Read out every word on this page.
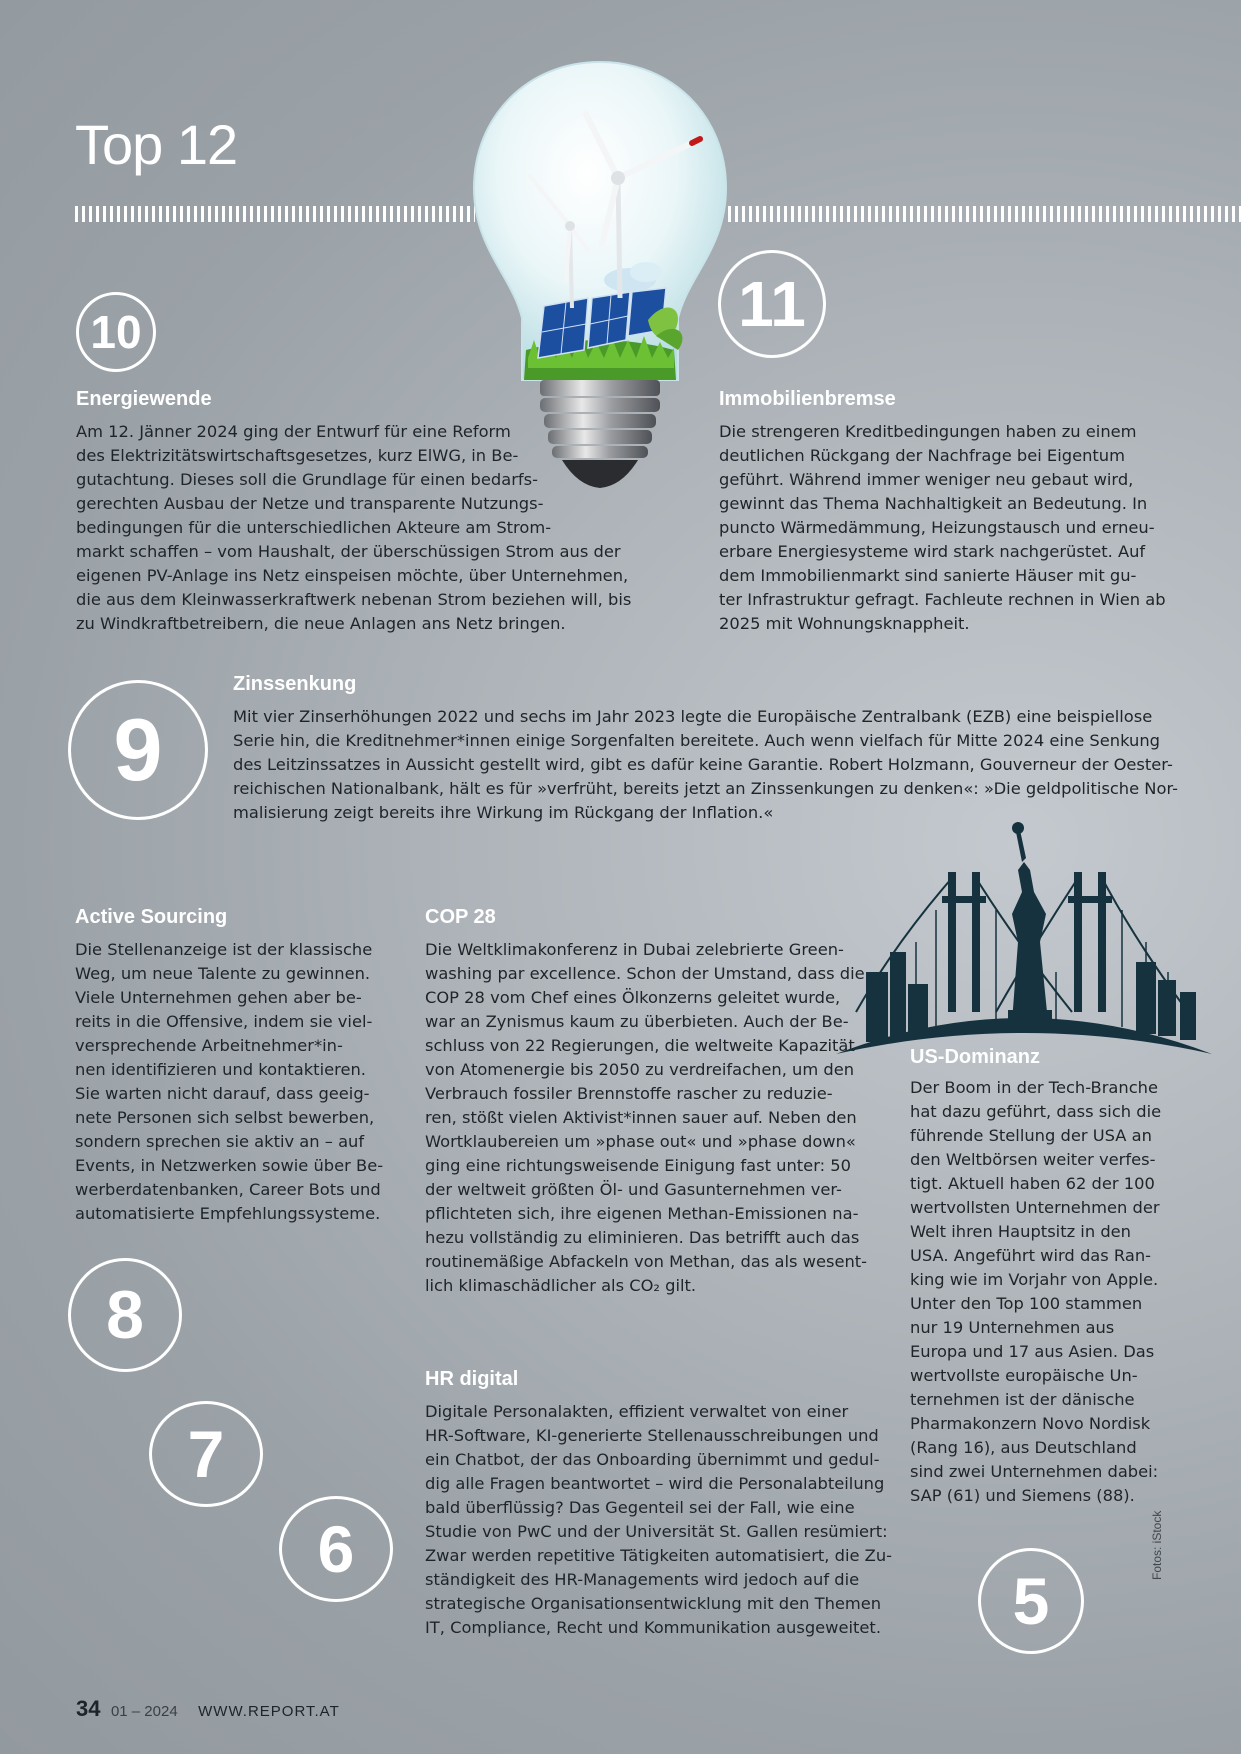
Top 12
10
Energiewende
Am 12. Jänner 2024 ging der Entwurf für eine Reform
des Elektrizitätswirtschaftsgesetzes, kurz ElWG, in Be-
gutachtung. Dieses soll die Grundlage für einen bedarfs-
gerechten Ausbau der Netze und transparente Nutzungs-
bedingungen für die unterschiedlichen Akteure am Strom-
markt schaffen – vom Haushalt, der überschüssigen Strom aus der
eigenen PV-Anlage ins Netz einspeisen möchte, über Unternehmen,
die aus dem Kleinwasserkraftwerk nebenan Strom beziehen will, bis
zu Windkraftbetreibern, die neue Anlagen ans Netz bringen.
11
Immobilienbremse
Die strengeren Kreditbedingungen haben zu einem
deutlichen Rückgang der Nachfrage bei Eigentum
geführt. Während immer weniger neu gebaut wird,
gewinnt das Thema Nachhaltigkeit an Bedeutung. In
puncto Wärmedämmung, Heizungstausch und erneu-
erbare Energiesysteme wird stark nachgerüstet. Auf
dem Immobilienmarkt sind sanierte Häuser mit gu-
ter Infrastruktur gefragt. Fachleute rechnen in Wien ab
2025 mit Wohnungsknappheit.
9
Zinssenkung
Mit vier Zinserhöhungen 2022 und sechs im Jahr 2023 legte die Europäische Zentralbank (EZB) eine beispiellose
Serie hin, die Kreditnehmer*innen einige Sorgenfalten bereitete. Auch wenn vielfach für Mitte 2024 eine Senkung
des Leitzinssatzes in Aussicht gestellt wird, gibt es dafür keine Garantie. Robert Holzmann, Gouverneur der Oester-
reichischen Nationalbank, hält es für »verfrüht, bereits jetzt an Zinssenkungen zu denken«: »Die geldpolitische Nor-
malisierung zeigt bereits ihre Wirkung im Rückgang der Inflation.«
Active Sourcing
Die Stellenanzeige ist der klassische
Weg, um neue Talente zu gewinnen.
Viele Unternehmen gehen aber be-
reits in die Offensive, indem sie viel-
versprechende Arbeitnehmer*in-
nen identifizieren und kontaktieren.
Sie warten nicht darauf, dass geeig-
nete Personen sich selbst bewerben,
sondern sprechen sie aktiv an – auf
Events, in Netzwerken sowie über Be-
werberdatenbanken, Career Bots und
automatisierte Empfehlungssysteme.
8
7
6
COP 28
Die Weltklimakonferenz in Dubai zelebrierte Green-
washing par excellence. Schon der Umstand, dass die
COP 28 vom Chef eines Ölkonzerns geleitet wurde,
war an Zynismus kaum zu überbieten. Auch der Be-
schluss von 22 Regierungen, die weltweite Kapazität
von Atomenergie bis 2050 zu verdreifachen, um den
Verbrauch fossiler Brennstoffe rascher zu reduzie-
ren, stößt vielen Aktivist*innen sauer auf. Neben den
Wortklaubereien um »phase out« und »phase down«
ging eine richtungsweisende Einigung fast unter: 50
der weltweit größten Öl- und Gasunternehmen ver-
pflichteten sich, ihre eigenen Methan-Emissionen na-
hezu vollständig zu eliminieren. Das betrifft auch das
routinemäßige Abfackeln von Methan, das als wesent-
lich klimaschädlicher als CO₂ gilt.
HR digital
Digitale Personalakten, effizient verwaltet von einer
HR-Software, KI-generierte Stellenausschreibungen und
ein Chatbot, der das Onboarding übernimmt und gedul-
dig alle Fragen beantwortet – wird die Personalabteilung
bald überflüssig? Das Gegenteil sei der Fall, wie eine
Studie von PwC und der Universität St. Gallen resümiert:
Zwar werden repetitive Tätigkeiten automatisiert, die Zu-
ständigkeit des HR-Managements wird jedoch auf die
strategische Organisationsentwicklung mit den Themen
IT, Compliance, Recht und Kommunikation ausgeweitet.
US-Dominanz
Der Boom in der Tech-Branche
hat dazu geführt, dass sich die
führende Stellung der USA an
den Weltbörsen weiter verfes-
tigt. Aktuell haben 62 der 100
wertvollsten Unternehmen der
Welt ihren Hauptsitz in den
USA. Angeführt wird das Ran-
king wie im Vorjahr von Apple.
Unter den Top 100 stammen
nur 19 Unternehmen aus
Europa und 17 aus Asien. Das
wertvollste europäische Un-
ternehmen ist der dänische
Pharmakonzern Novo Nordisk
(Rang 16), aus Deutschland
sind zwei Unternehmen dabei:
SAP (61) und Siemens (88).
5
Fotos: iStock
34 01 – 2024 WWW.REPORT.AT
